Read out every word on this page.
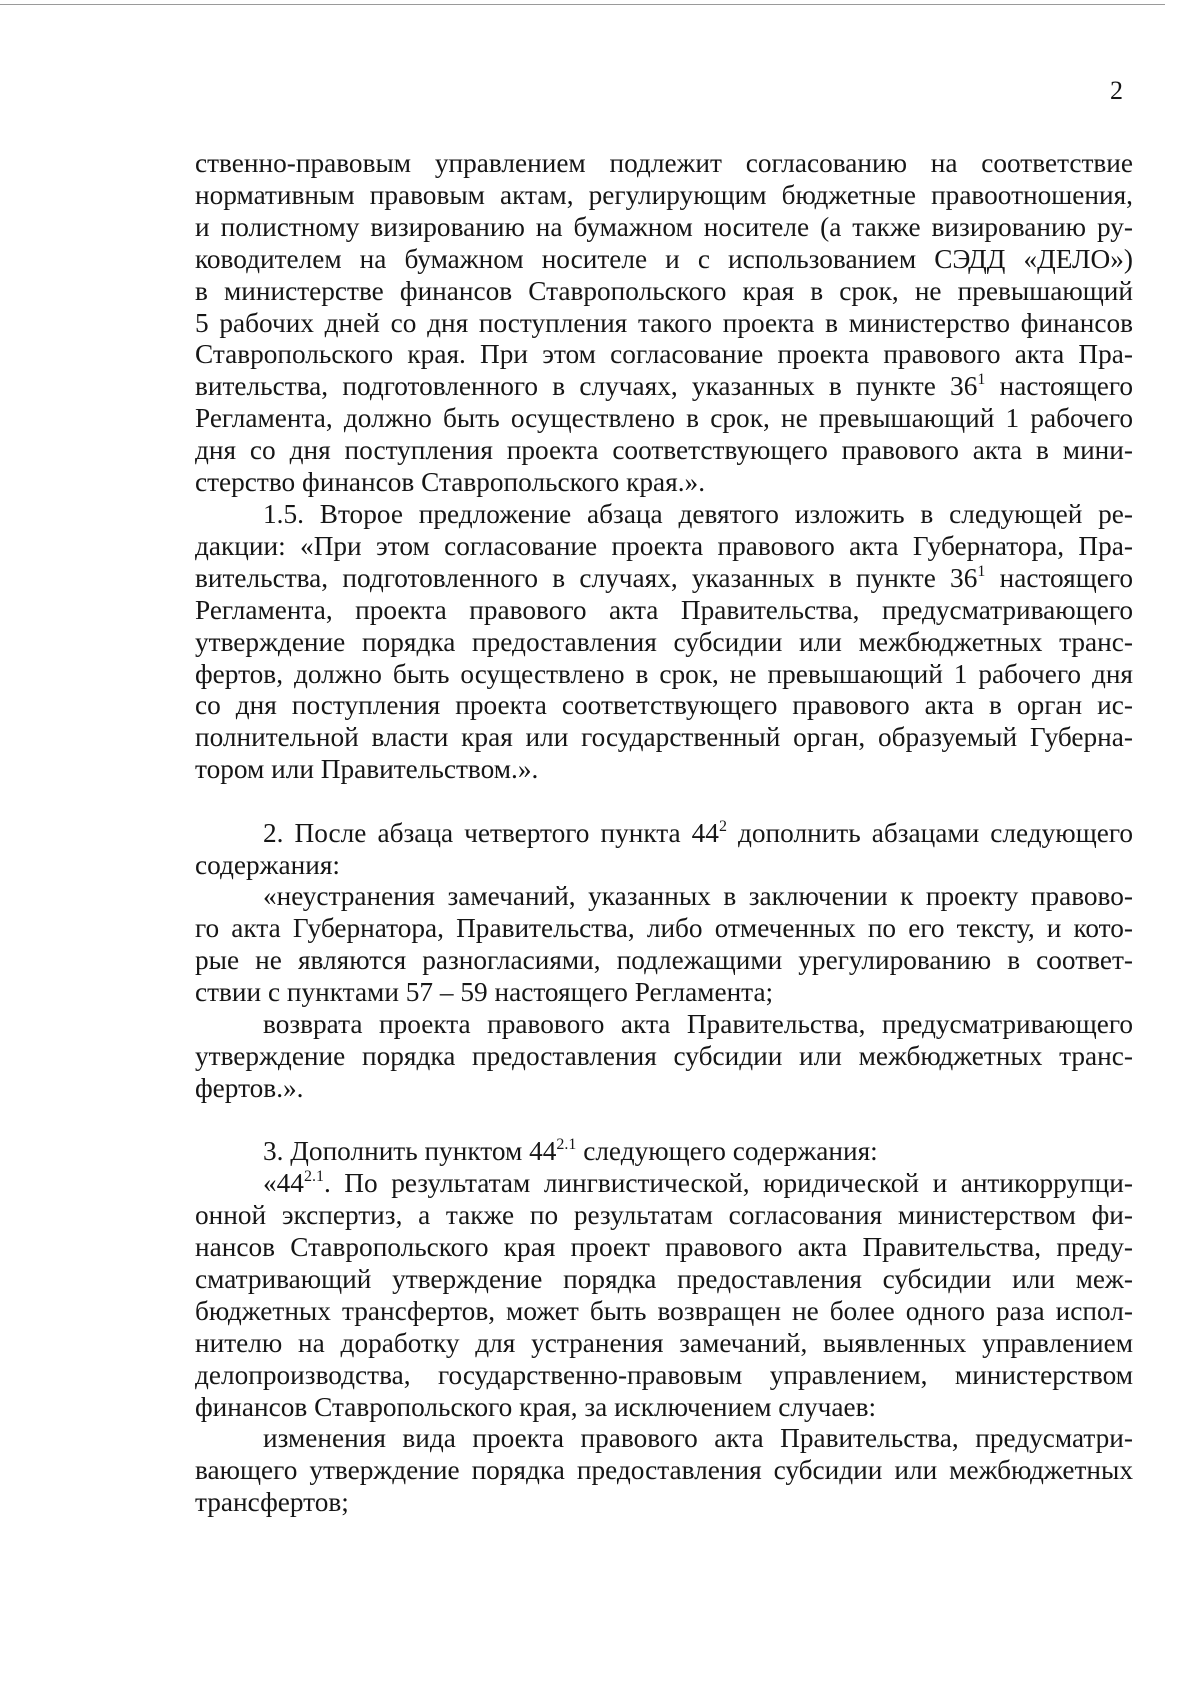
2

ственно-правовым управлением подлежит согласованию на соответствие

нормативным правовым актам, регулирующим бюджетные правоотношения,

и полистному визированию на бумажном носителе (а также визированию ру-

ководителем на бумажном носителе и с использованием СЭДД «ДЕЛО»)

в министерстве финансов Ставропольского края в срок, не превышающий

5 рабочих дней со дня поступления такого проекта в министерство финансов

Ставропольского края. При этом согласование проекта правового акта Пра-

вительства, подготовленного в случаях, указанных в пункте $36^1$ настоящего

Регламента, должно быть осуществлено в срок, не превышающий 1 рабочего

дня со дня поступления проекта соответствующего правового акта в мини-

стерство финансов Ставропольского края.».

1.5. Второе предложение абзаца девятого изложить в следующей ре-

дакции: «При этом согласование проекта правового акта Губернатора, Пра-

вительства, подготовленного в случаях, указанных в пункте $36^1$ настоящего

Регламента, проекта правового акта Правительства, предусматривающего

утверждение порядка предоставления субсидии или межбюджетных транс-

фертов, должно быть осуществлено в срок, не превышающий 1 рабочего дня

со дня поступления проекта соответствующего правового акта в орган ис-

полнительной власти края или государственный орган, образуемый Губерна-

тором или Правительством.».

2. После абзаца четвертого пункта $44^2$ дополнить абзацами следующего

содержания:

«неустранения замечаний, указанных в заключении к проекту правово-

го акта Губернатора, Правительства, либо отмеченных по его тексту, и кото-

рые не являются разногласиями, подлежащими урегулированию в соответ-

ствии с пунктами 57 – 59 настоящего Регламента;

возврата проекта правового акта Правительства, предусматривающего

утверждение порядка предоставления субсидии или межбюджетных транс-

фертов.».

3. Дополнить пунктом $44^{2.1}$ следующего содержания:

«$44^{2.1}$. По результатам лингвистической, юридической и антикоррупци-

онной экспертиз, а также по результатам согласования министерством фи-

нансов Ставропольского края проект правового акта Правительства, преду-

сматривающий утверждение порядка предоставления субсидии или меж-

бюджетных трансфертов, может быть возвращен не более одного раза испол-

нителю на доработку для устранения замечаний, выявленных управлением

делопроизводства, государственно-правовым управлением, министерством

финансов Ставропольского края, за исключением случаев:

изменения вида проекта правового акта Правительства, предусматри-

вающего утверждение порядка предоставления субсидии или межбюджетных

трансфертов;
